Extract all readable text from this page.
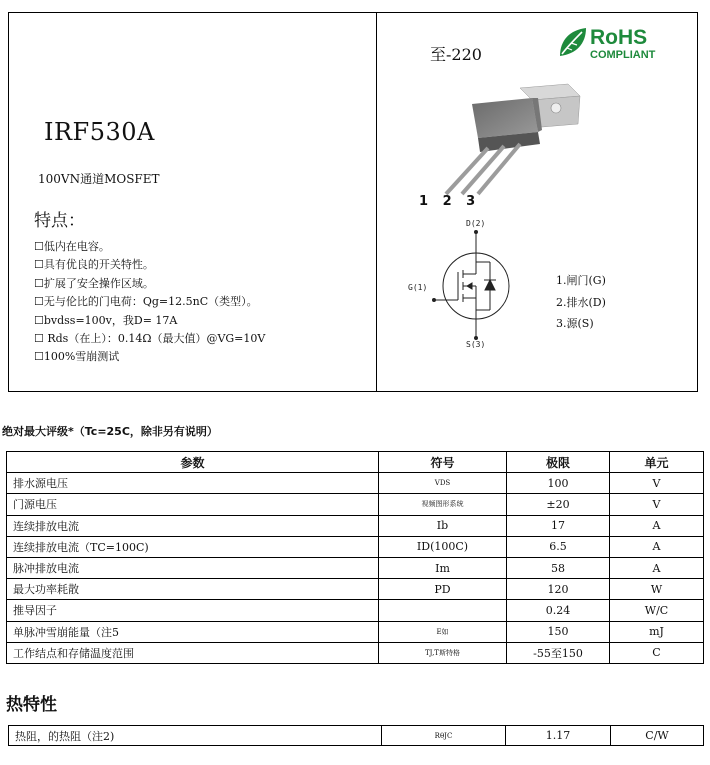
IRF530A
100VN通道MOSFET
特点：
☐低内在电容。
☐具有优良的开关特性。
☐扩展了安全操作区域。
☐无与伦比的门电荷：Qg=12.5nC（类型）。
☐bvdss=100v，我D= 17A
☐ Rds（在上）：0.14Ω（最大值）@VG=10V
☐100%雪崩测试
至-220
RoHS
COMPLIANT
1 2 3
D(2)
G(1)
S(3)
1.闸门(G)
2.排水(D)
3.源(S)
绝对最大评级*（Tc=25C，除非另有说明）
参数	符号	极限	单元
排水源电压	VDS	100	V
门源电压	视频图形系统	±20	V
连续排放电流	Ib	17	A
连续排放电流（TC=100C)	ID(100C)	6.5	A
脉冲排放电流	Im	58	A
最大功率耗散	PD	120	W
推导因子		0.24	W/C
单脉冲雪崩能量（注5	E如	150	mJ
工作结点和存储温度范围	TJ,T斯特格	-55至150	C
热特性
热阻，的热阻（注2)	RθJC	1.17	C/W
